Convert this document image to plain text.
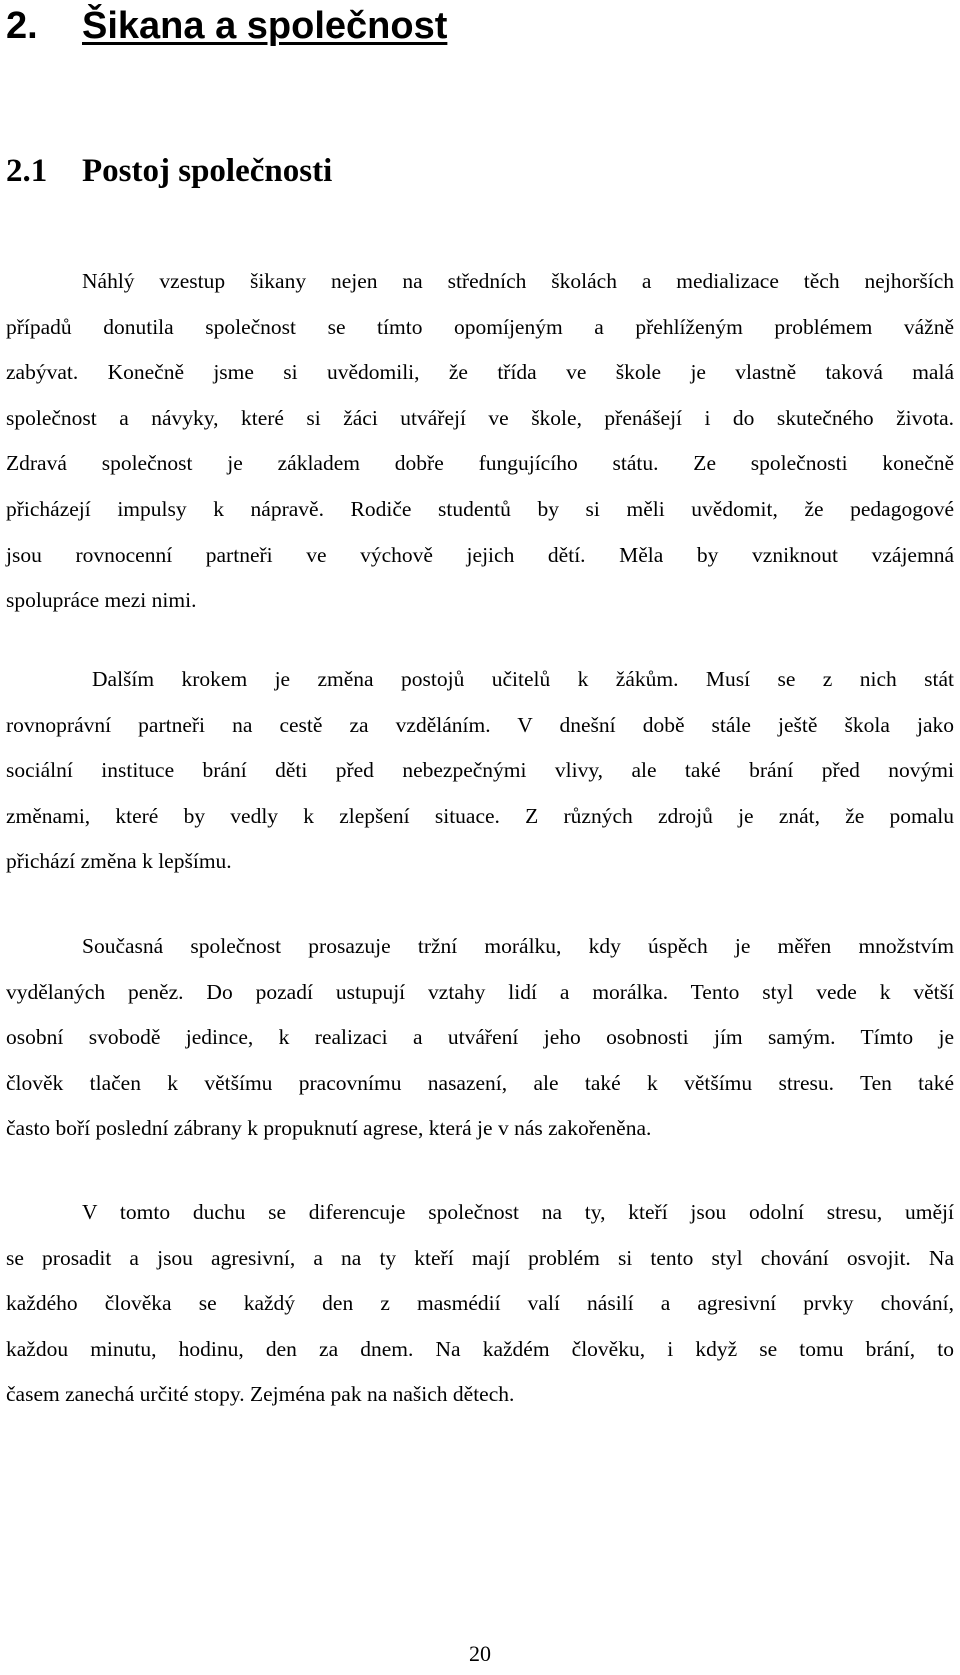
2. Šikana a společnost
2.1 Postoj společnosti
Náhlý vzestup šikany nejen na středních školách a medializace těch nejhorších
případů donutila společnost se tímto opomíjeným a přehlíženým problémem vážně
zabývat. Konečně jsme si uvědomili, že třída ve škole je vlastně taková malá
společnost a návyky, které si žáci utvářejí ve škole, přenášejí i do skutečného života.
Zdravá společnost je základem dobře fungujícího státu. Ze společnosti konečně
přicházejí impulsy k nápravě. Rodiče studentů by si měli uvědomit, že pedagogové
jsou rovnocenní partneři ve výchově jejich dětí. Měla by vzniknout vzájemná
spolupráce mezi nimi.
Dalším krokem je změna postojů učitelů k žákům. Musí se z nich stát
rovnoprávní partneři na cestě za vzděláním. V dnešní době stále ještě škola jako
sociální instituce brání děti před nebezpečnými vlivy, ale také brání před novými
změnami, které by vedly k zlepšení situace. Z různých zdrojů je znát, že pomalu
přichází změna k lepšímu.
Současná společnost prosazuje tržní morálku, kdy úspěch je měřen množstvím
vydělaných peněz. Do pozadí ustupují vztahy lidí a morálka. Tento styl vede k větší
osobní svobodě jedince, k realizaci a utváření jeho osobnosti jím samým. Tímto je
člověk tlačen k většímu pracovnímu nasazení, ale také k většímu stresu. Ten také
často boří poslední zábrany k propuknutí agrese, která je v nás zakořeněna.
V tomto duchu se diferencuje společnost na ty, kteří jsou odolní stresu, umějí
se prosadit a jsou agresivní, a na ty kteří mají problém si tento styl chování osvojit. Na
každého člověka se každý den z masmédií valí násilí a agresivní prvky chování,
každou minutu, hodinu, den za dnem. Na každém člověku, i když se tomu brání, to
časem zanechá určité stopy. Zejména pak na našich dětech.
20
